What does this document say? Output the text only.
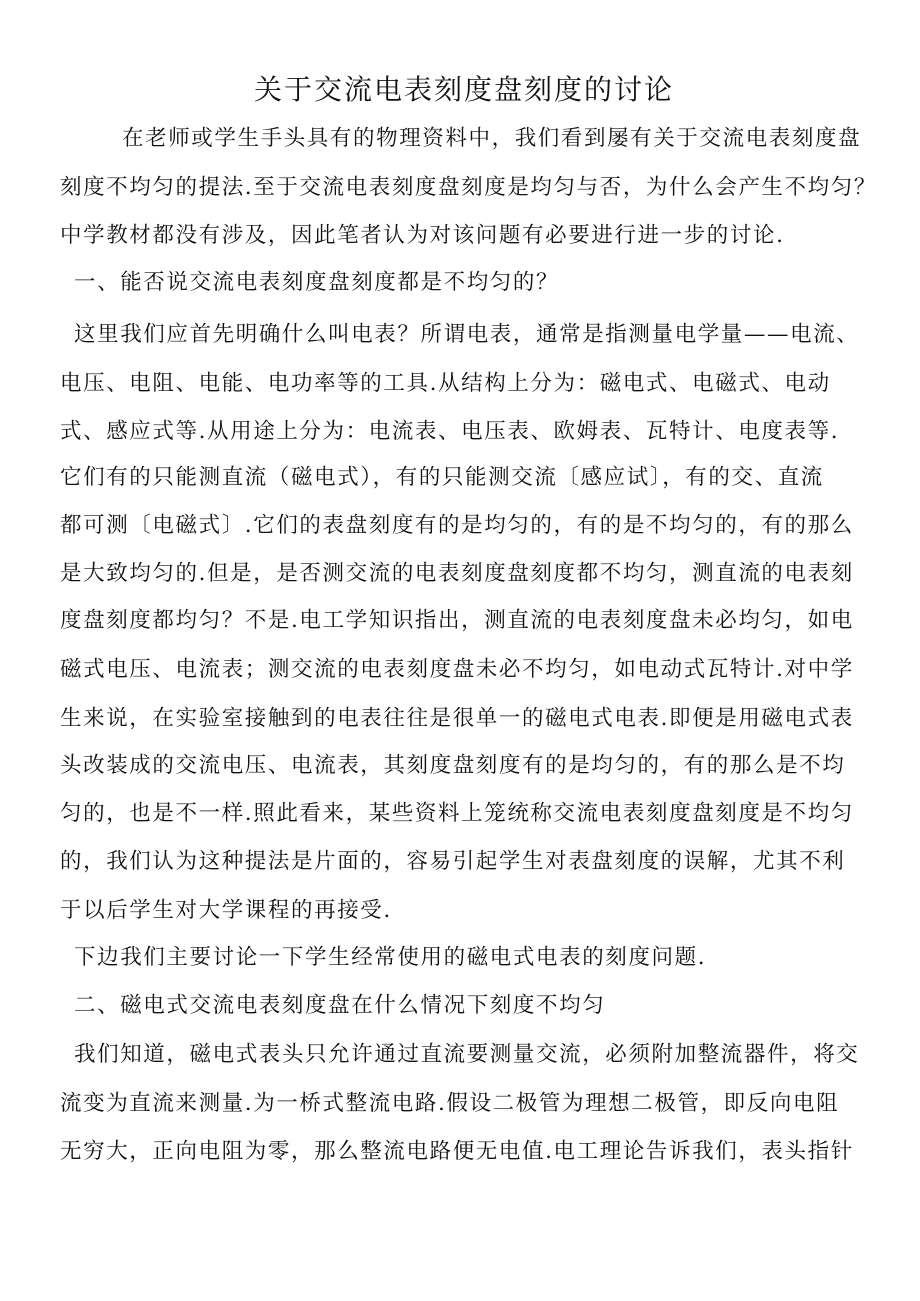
关于交流电表刻度盘刻度的讨论
在老师或学生手头具有的物理资料中，我们看到屡有关于交流电表刻度盘
刻度不均匀的提法.至于交流电表刻度盘刻度是均匀与否，为什么会产生不均匀？
中学教材都没有涉及，因此笔者认为对该问题有必要进行进一步的讨论.
一、能否说交流电表刻度盘刻度都是不均匀的？
这里我们应首先明确什么叫电表？所谓电表，通常是指测量电学量——电流、
电压、电阻、电能、电功率等的工具.从结构上分为：磁电式、电磁式、电动
式、感应式等.从用途上分为：电流表、电压表、欧姆表、瓦特计、电度表等.
它们有的只能测直流（磁电式），有的只能测交流〔感应试〕，有的交、直流
都可测〔电磁式〕.它们的表盘刻度有的是均匀的，有的是不均匀的，有的那么
是大致均匀的.但是，是否测交流的电表刻度盘刻度都不均匀，测直流的电表刻
度盘刻度都均匀？不是.电工学知识指出，测直流的电表刻度盘未必均匀，如电
磁式电压、电流表；测交流的电表刻度盘未必不均匀，如电动式瓦特计.对中学
生来说，在实验室接触到的电表往往是很单一的磁电式电表.即便是用磁电式表
头改装成的交流电压、电流表，其刻度盘刻度有的是均匀的，有的那么是不均
匀的，也是不一样.照此看来，某些资料上笼统称交流电表刻度盘刻度是不均匀
的，我们认为这种提法是片面的，容易引起学生对表盘刻度的误解，尤其不利
于以后学生对大学课程的再接受.
下边我们主要讨论一下学生经常使用的磁电式电表的刻度问题.
二、磁电式交流电表刻度盘在什么情况下刻度不均匀
我们知道，磁电式表头只允许通过直流要测量交流，必须附加整流器件，将交
流变为直流来测量.为一桥式整流电路.假设二极管为理想二极管，即反向电阻
无穷大，正向电阻为零，那么整流电路便无电值.电工理论告诉我们，表头指针
